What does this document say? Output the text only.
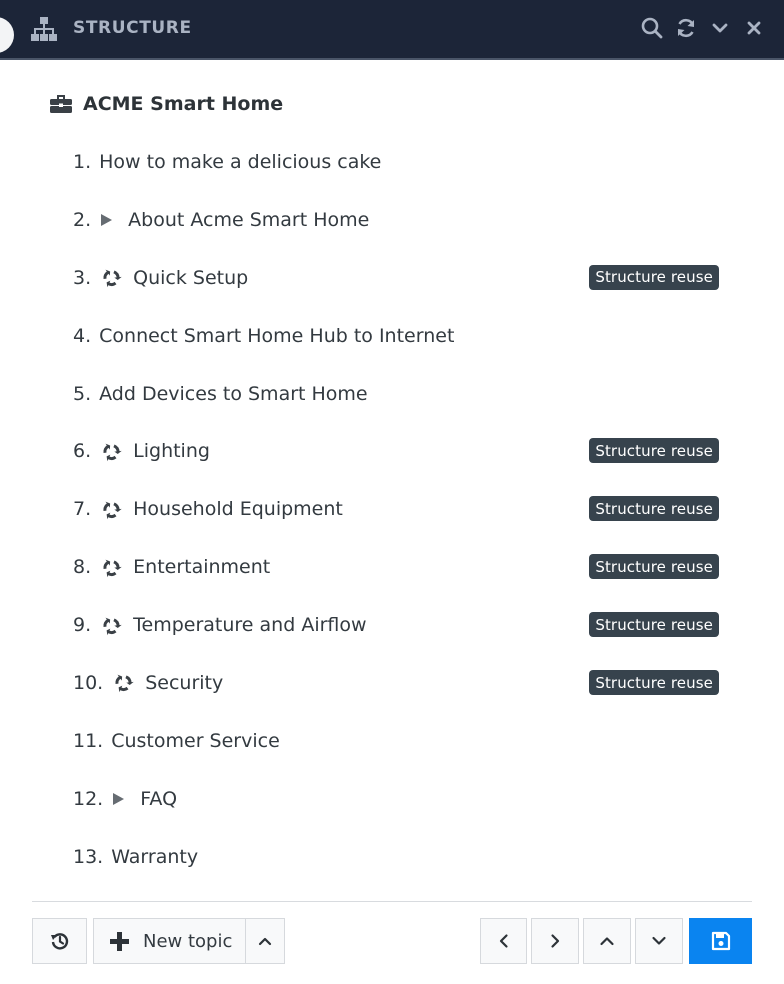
STRUCTURE
ACME Smart Home
1. How to make a delicious cake
2. About Acme Smart Home
3. Quick Setup	Structure reuse
4. Connect Smart Home Hub to Internet
5. Add Devices to Smart Home
6. Lighting	Structure reuse
7. Household Equipment	Structure reuse
8. Entertainment	Structure reuse
9. Temperature and Airflow	Structure reuse
10. Security	Structure reuse
11. Customer Service
12. FAQ
13. Warranty
New topic
